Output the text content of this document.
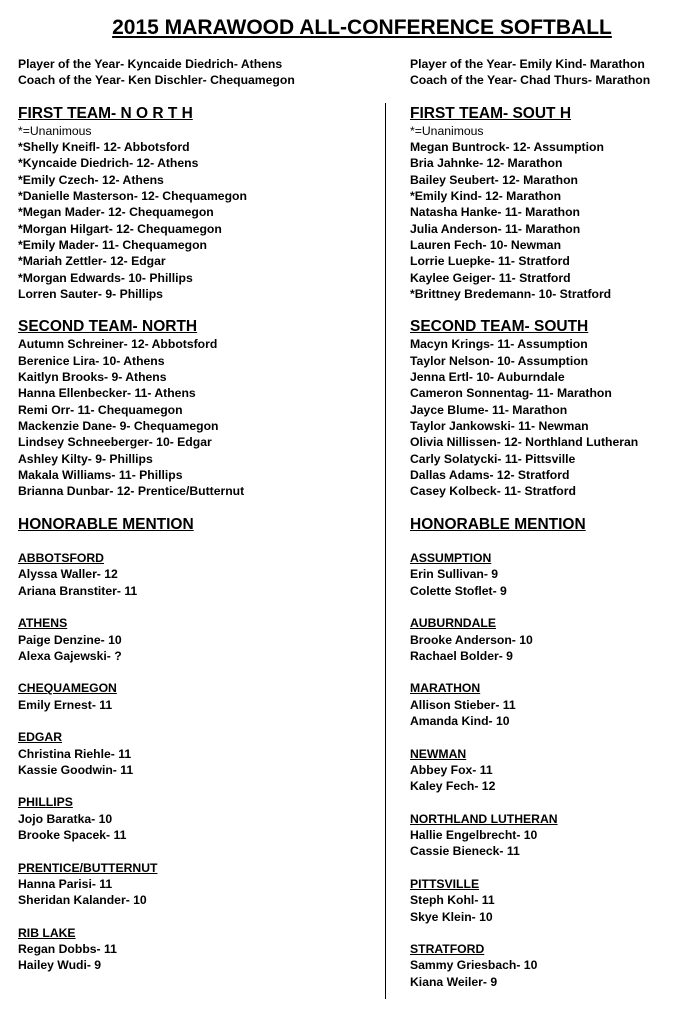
2015 MARAWOOD ALL-CONFERENCE SOFTBALL
Player of the Year- Kyncaide Diedrich- Athens
Coach of the Year- Ken Dischler- Chequamegon
FIRST TEAM- N O R T H
*=Unanimous
*Shelly Kneifl- 12- Abbotsford
*Kyncaide Diedrich- 12- Athens
*Emily Czech- 12- Athens
*Danielle Masterson- 12- Chequamegon
*Megan Mader- 12- Chequamegon
*Morgan Hilgart- 12- Chequamegon
*Emily Mader- 11- Chequamegon
*Mariah Zettler- 12- Edgar
*Morgan Edwards- 10- Phillips
Lorren Sauter- 9- Phillips
SECOND TEAM- NORTH
Autumn Schreiner- 12- Abbotsford
Berenice Lira- 10- Athens
Kaitlyn Brooks- 9- Athens
Hanna Ellenbecker- 11- Athens
Remi Orr- 11- Chequamegon
Mackenzie Dane- 9- Chequamegon
Lindsey Schneeberger- 10- Edgar
Ashley Kilty- 9- Phillips
Makala Williams- 11- Phillips
Brianna Dunbar- 12- Prentice/Butternut
HONORABLE MENTION
ABBOTSFORD
Alyssa Waller- 12
Ariana Branstiter- 11
ATHENS
Paige Denzine- 10
Alexa Gajewski- ?
CHEQUAMEGON
Emily Ernest- 11
EDGAR
Christina Riehle- 11
Kassie Goodwin- 11
PHILLIPS
Jojo Baratka- 10
Brooke Spacek- 11
PRENTICE/BUTTERNUT
Hanna Parisi- 11
Sheridan Kalander- 10
RIB LAKE
Regan Dobbs- 11
Hailey Wudi- 9
Player of the Year- Emily Kind- Marathon
Coach of the Year- Chad Thurs- Marathon
FIRST TEAM- SOUT H
*=Unanimous
Megan Buntrock- 12- Assumption
Bria Jahnke- 12- Marathon
Bailey Seubert- 12- Marathon
*Emily Kind- 12- Marathon
Natasha Hanke- 11- Marathon
Julia Anderson- 11- Marathon
Lauren Fech- 10- Newman
Lorrie Luepke- 11- Stratford
Kaylee Geiger- 11- Stratford
*Brittney Bredemann- 10- Stratford
SECOND TEAM- SOUTH
Macyn Krings- 11- Assumption
Taylor Nelson- 10- Assumption
Jenna Ertl- 10- Auburndale
Cameron Sonnentag- 11- Marathon
Jayce Blume- 11- Marathon
Taylor Jankowski- 11- Newman
Olivia Nillissen- 12- Northland Lutheran
Carly Solatycki- 11- Pittsville
Dallas Adams- 12- Stratford
Casey Kolbeck- 11- Stratford
HONORABLE MENTION
ASSUMPTION
Erin Sullivan- 9
Colette Stoflet- 9
AUBURNDALE
Brooke Anderson- 10
Rachael Bolder- 9
MARATHON
Allison Stieber- 11
Amanda Kind- 10
NEWMAN
Abbey Fox- 11
Kaley Fech- 12
NORTHLAND LUTHERAN
Hallie Engelbrecht- 10
Cassie Bieneck- 11
PITTSVILLE
Steph Kohl- 11
Skye Klein- 10
STRATFORD
Sammy Griesbach- 10
Kiana Weiler- 9
